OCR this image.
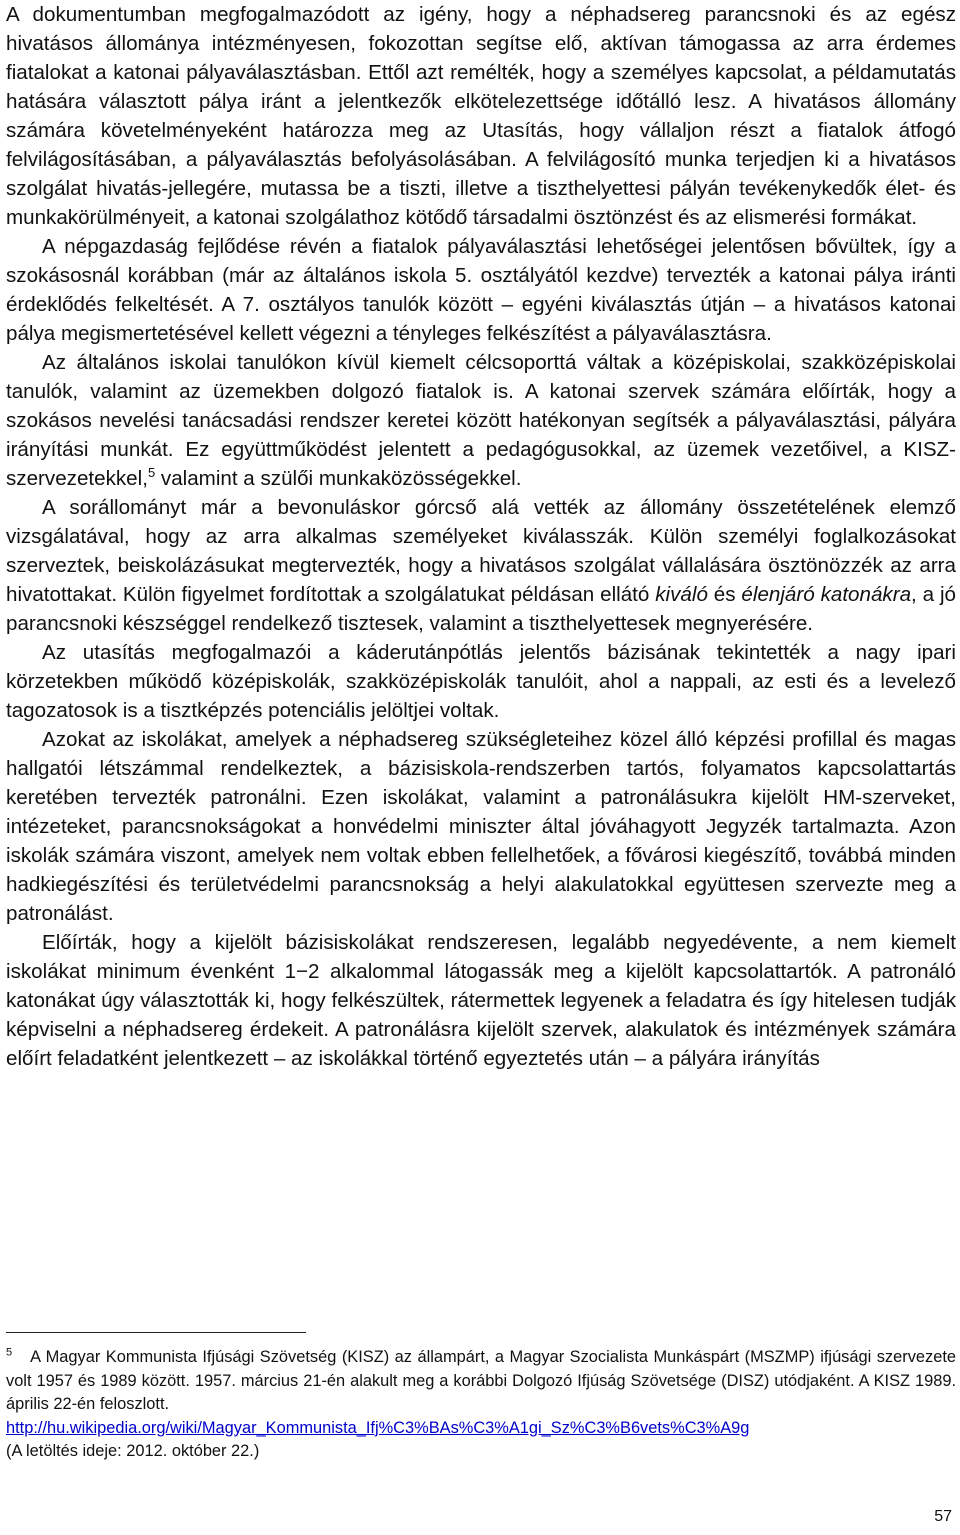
A dokumentumban megfogalmazódott az igény, hogy a néphadsereg parancsnoki és az egész hivatásos állománya intézményesen, fokozottan segítse elő, aktívan támogassa az arra érdemes fiatalokat a katonai pályaválasztásban. Ettől azt remélték, hogy a személyes kapcsolat, a példamutatás hatására választott pálya iránt a jelentkezők elkötelezettsége időtálló lesz. A hivatásos állomány számára követelményeként határozza meg az Utasítás, hogy vállaljon részt a fiatalok átfogó felvilágosításában, a pályaválasztás befolyásolásában. A felvilágosító munka terjedjen ki a hivatásos szolgálat hivatás-jellegére, mutassa be a tiszti, illetve a tiszthelyettesi pályán tevékenykedők élet- és munkakörülményeit, a katonai szolgálathoz kötődő társadalmi ösztönzést és az elismerési formákat.

A népgazdaság fejlődése révén a fiatalok pályaválasztási lehetőségei jelentősen bővültek, így a szokásosnál korábban (már az általános iskola 5. osztályától kezdve) tervezték a katonai pálya iránti érdeklődés felkeltését. A 7. osztályos tanulók között – egyéni kiválasztás útján – a hivatásos katonai pálya megismertetésével kellett végezni a tényleges felkészítést a pályaválasztásra.

Az általános iskolai tanulókon kívül kiemelt célcsoporttá váltak a középiskolai, szakközépiskolai tanulók, valamint az üzemekben dolgozó fiatalok is. A katonai szervek számára előírták, hogy a szokásos nevelési tanácsadási rendszer keretei között hatékonyan segítsék a pályaválasztási, pályára irányítási munkát. Ez együttműködést jelentett a pedagógusokkal, az üzemek vezetőivel, a KISZ-szervezetekkel,$^5$ valamint a szülői munkaközösségekkel.

A sorállományt már a bevonuláskor górcső alá vették az állomány összetételének elemző vizsgálatával, hogy az arra alkalmas személyeket kiválasszák. Külön személyi foglalkozásokat szerveztek, beiskolázásukat megtervezték, hogy a hivatásos szolgálat vállalására ösztönözzék az arra hivatottakat. Külön figyelmet fordítottak a szolgálatukat példásan ellátó kiváló és élenjáró katonákra, a jó parancsnoki készséggel rendelkező tisztesek, valamint a tiszthelyettesek megnyerésére.

Az utasítás megfogalmazói a káderutánpótlás jelentős bázisának tekintették a nagy ipari körzetekben működő középiskolák, szakközépiskolák tanulóit, ahol a nappali, az esti és a levelező tagozatosok is a tisztképzés potenciális jelöltjei voltak.

Azokat az iskolákat, amelyek a néphadsereg szükségleteihez közel álló képzési profillal és magas hallgatói létszámmal rendelkeztek, a bázisiskola-rendszerben tartós, folyamatos kapcsolattartás keretében tervezték patronálni. Ezen iskolákat, valamint a patronálásukra kijelölt HM-szerveket, intézeteket, parancsnokságokat a honvédelmi miniszter által jóváhagyott Jegyzék tartalmazta. Azon iskolák számára viszont, amelyek nem voltak ebben fellelhetőek, a fővárosi kiegészítő, továbbá minden hadkiegészítési és területvédelmi parancsnokság a helyi alakulatokkal együttesen szervezte meg a patronálást.

Előírták, hogy a kijelölt bázisiskolákat rendszeresen, legalább negyedévente, a nem kiemelt iskolákat minimum évenként 1−2 alkalommal látogassák meg a kijelölt kapcsolattartók. A patronáló katonákat úgy választották ki, hogy felkészültek, rátermettek legyenek a feladatra és így hitelesen tudják képviselni a néphadsereg érdekeit. A patronálásra kijelölt szervek, alakulatok és intézmények számára előírt feladatként jelentkezett – az iskolákkal történő egyeztetés után – a pályára irányítás

$^5$ A Magyar Kommunista Ifjúsági Szövetség (KISZ) az állampárt, a Magyar Szocialista Munkáspárt (MSZMP) ifjúsági szervezete volt 1957 és 1989 között. 1957. március 21-én alakult meg a korábbi Dolgozó Ifjúság Szövetsége (DISZ) utódjaként. A KISZ 1989. április 22-én feloszlott.
http://hu.wikipedia.org/wiki/Magyar_Kommunista_Ifj%C3%BAs%C3%A1gi_Sz%C3%B6vets%C3%A9g
(A letöltés ideje: 2012. október 22.)
57
